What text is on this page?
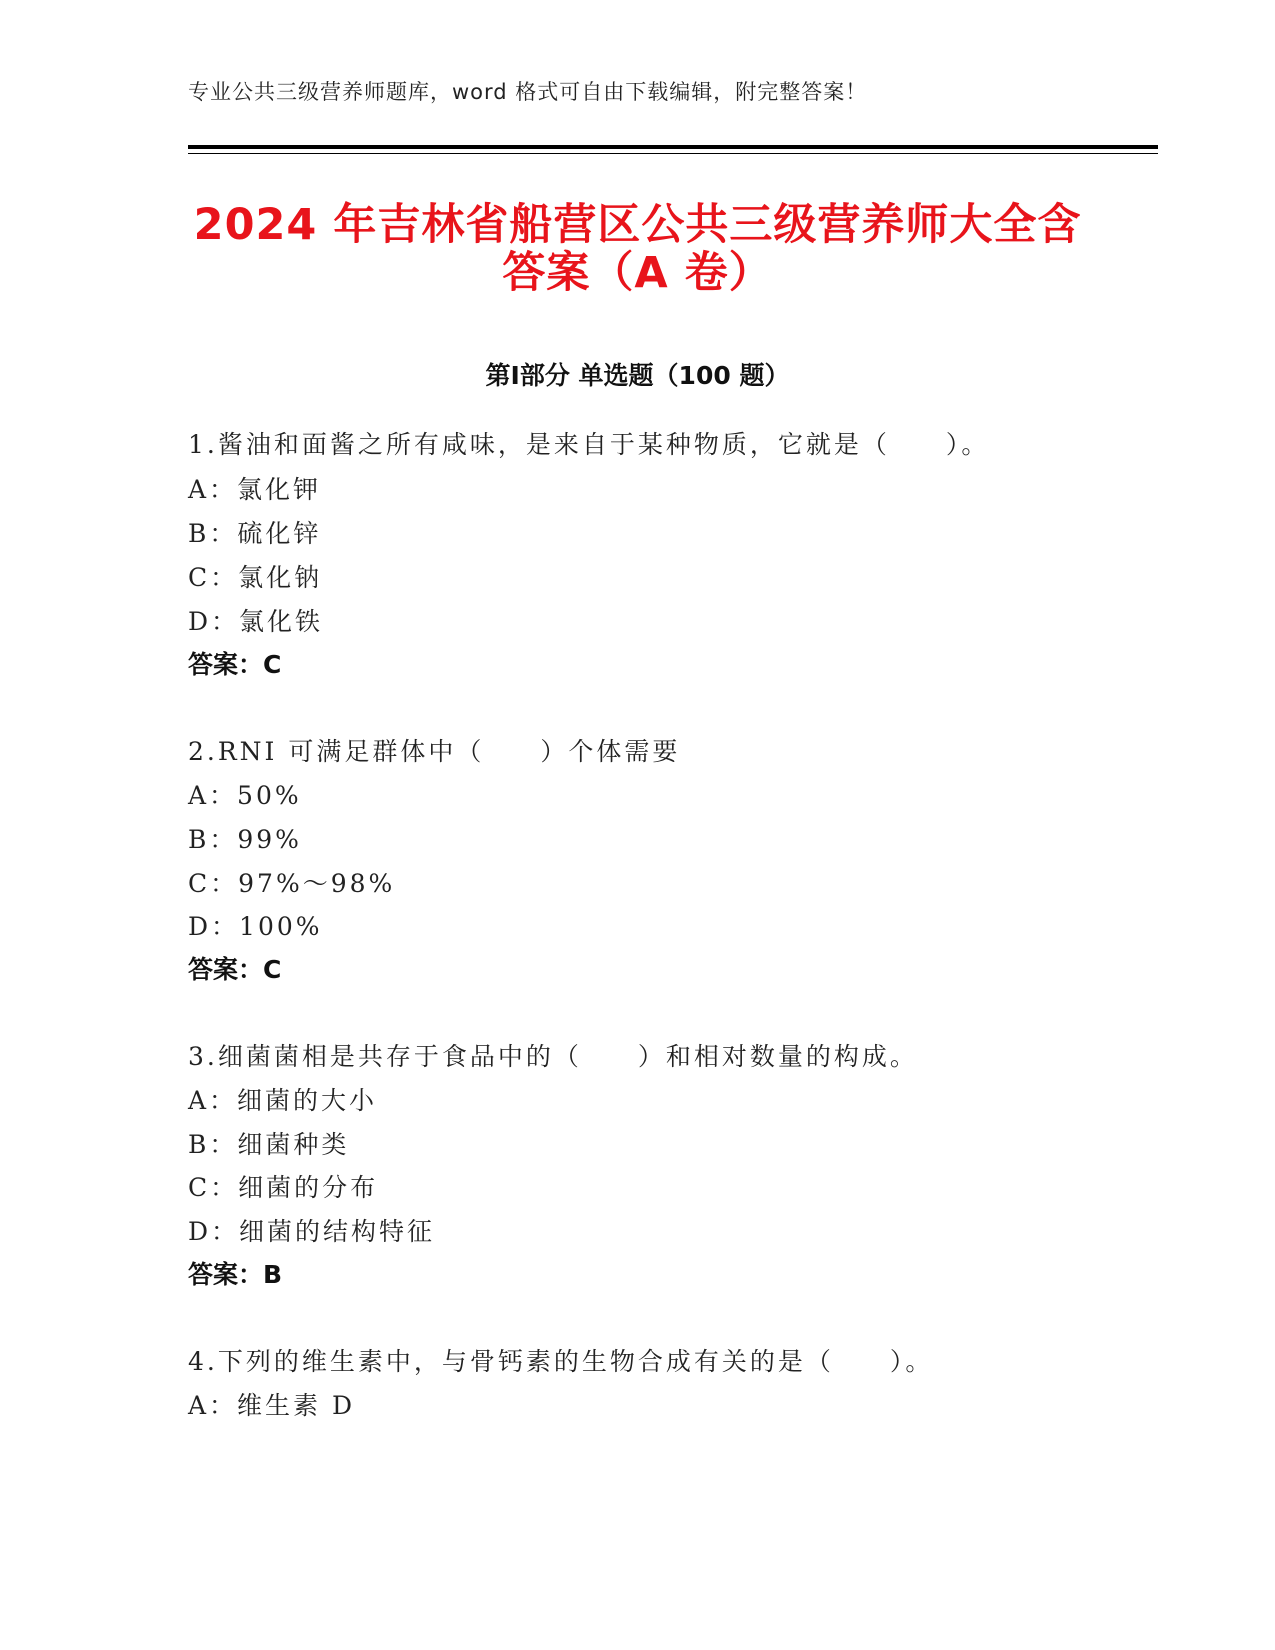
专业公共三级营养师题库，word 格式可自由下载编辑，附完整答案！
2024 年吉林省船营区公共三级营养师大全含
答案（A 卷）
第Ⅰ部分 单选题（100 题）
1.酱油和面酱之所有咸味，是来自于某种物质，它就是（　　）。
A：氯化钾
B：硫化锌
C：氯化钠
D：氯化铁
答案：C
2.RNI 可满足群体中（　　）个体需要
A：50%
B：99%
C：97%～98%
D：100%
答案：C
3.细菌菌相是共存于食品中的（　　）和相对数量的构成。
A：细菌的大小
B：细菌种类
C：细菌的分布
D：细菌的结构特征
答案：B
4.下列的维生素中，与骨钙素的生物合成有关的是（　　）。
A：维生素 D
